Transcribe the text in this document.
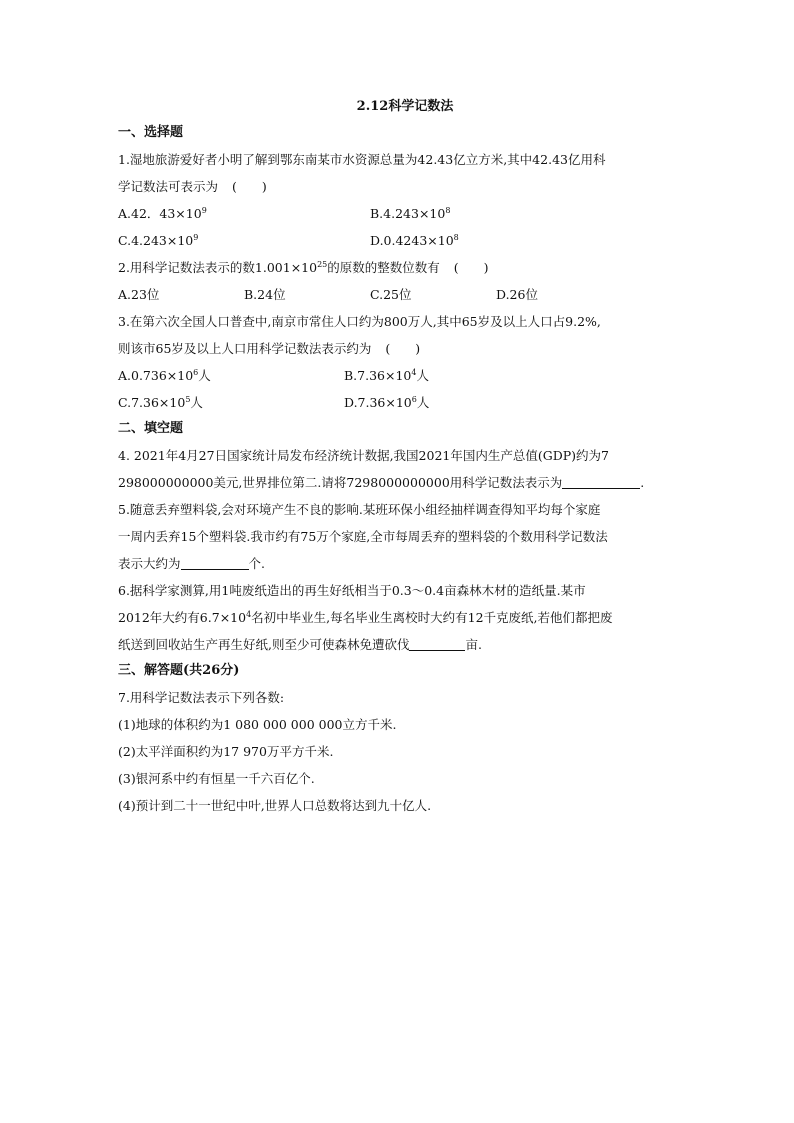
2.12科学记数法
一、选择题
1.湿地旅游爱好者小明了解到鄂东南某市水资源总量为42.43亿立方米,其中42.43亿用科
学记数法可表示为 (　　)
A.42．$43\times 10^9$	$B.4.243\times 10^8$
$C.4.243\times 10^9$	$D.0.4243\times 10^8$
2.用科学记数法表示的数$1.001\times 10^{25}$的原数的整数位数有 (　　)
A.23位	B.24位	C.25位	D.26位
3.在第六次全国人口普查中,南京市常住人口约为800万人,其中65岁及以上人口占9.2%,
则该市65岁及以上人口用科学记数法表示约为 (　　)
$A.0.736\times 10^6$人	$B.7.36\times 10^4$人
$C.7.36\times 10^5$人	$D.7.36\times 10^6$人
二、填空题
4. 2021年4月27日国家统计局发布经济统计数据,我国2021年国内生产总值(GDP)约为7
298000000000美元,世界排位第二.请将7298000000000用科学记数法表示为	.
5.随意丢弃塑料袋,会对环境产生不良的影响.某班环保小组经抽样调查得知平均每个家庭
一周内丢弃15个塑料袋.我市约有75万个家庭,全市每周丢弃的塑料袋的个数用科学记数法
表示大约为	个.
6.据科学家测算,用1吨废纸造出的再生好纸相当于0.3～0.4亩森林木材的造纸量.某市
2012年大约有$6.7\times 10^4$名初中毕业生,每名毕业生离校时大约有12千克废纸,若他们都把废
纸送到回收站生产再生好纸,则至少可使森林免遭砍伐	亩.
三、解答题(共26分)
7.用科学记数法表示下列各数:
(1)地球的体积约为1 080 000 000 000立方千米.
(2)太平洋面积约为17 970万平方千米.
(3)银河系中约有恒星一千六百亿个.
(4)预计到二十一世纪中叶,世界人口总数将达到九十亿人.
